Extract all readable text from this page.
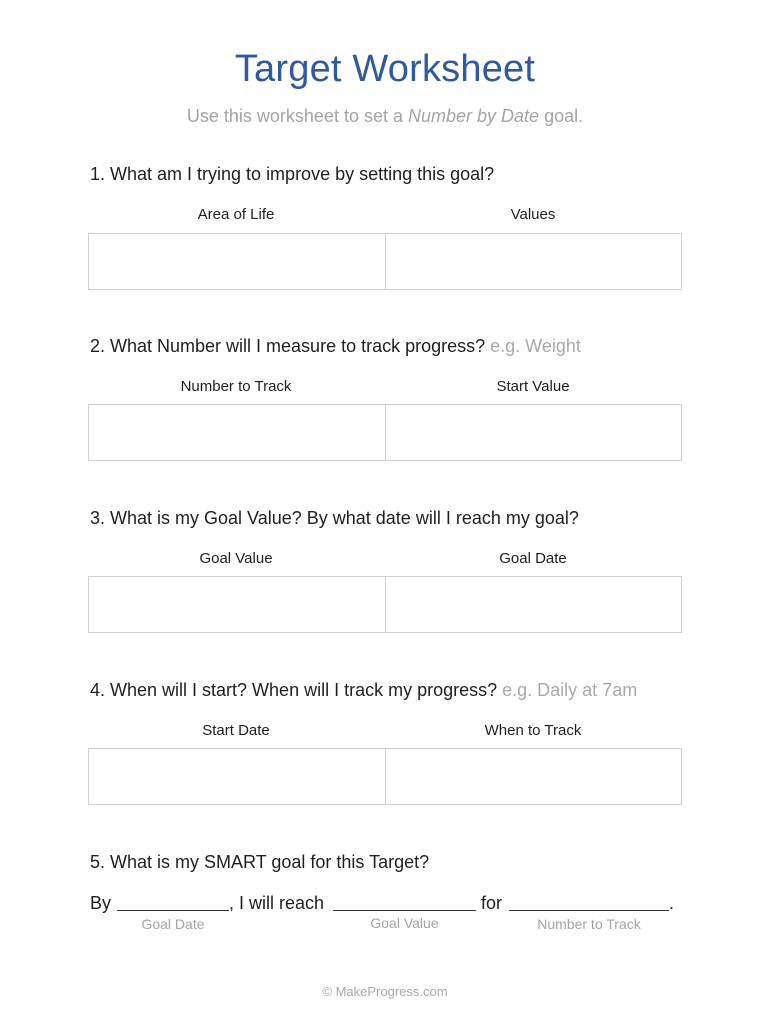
Target Worksheet
Use this worksheet to set a Number by Date goal.
1. What am I trying to improve by setting this goal?
Area of Life	Values
2. What Number will I measure to track progress? e.g. Weight
Number to Track	Start Value
3. What is my Goal Value? By what date will I reach my goal?
Goal Value	Goal Date
4. When will I start? When will I track my progress? e.g. Daily at 7am
Start Date	When to Track
5. What is my SMART goal for this Target?
By	, I will reach	for	.
Goal Date	Goal Value	Number to Track
© MakeProgress.com
